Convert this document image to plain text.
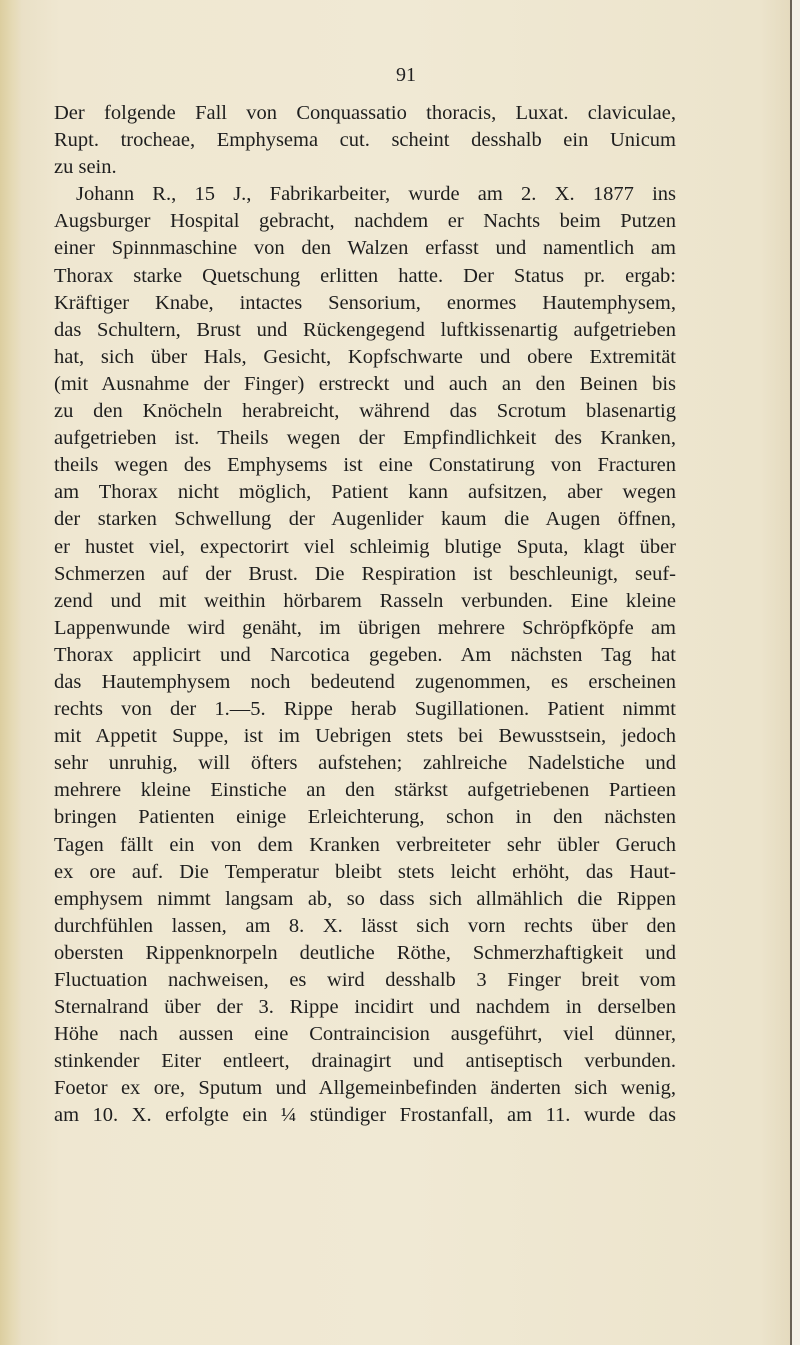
91
Der folgende Fall von Conquassatio thoracis, Luxat. claviculae,
Rupt. trocheae, Emphysema cut. scheint desshalb ein Unicum
zu sein.
Johann R., 15 J., Fabrikarbeiter, wurde am 2. X. 1877 ins
Augsburger Hospital gebracht, nachdem er Nachts beim Putzen
einer Spinnmaschine von den Walzen erfasst und namentlich am
Thorax starke Quetschung erlitten hatte. Der Status pr. ergab:
Kräftiger Knabe, intactes Sensorium, enormes Hautemphysem,
das Schultern, Brust und Rückengegend luftkissenartig aufgetrieben
hat, sich über Hals, Gesicht, Kopfschwarte und obere Extremität
(mit Ausnahme der Finger) erstreckt und auch an den Beinen bis
zu den Knöcheln herabreicht, während das Scrotum blasenartig
aufgetrieben ist. Theils wegen der Empfindlichkeit des Kranken,
theils wegen des Emphysems ist eine Constatirung von Fracturen
am Thorax nicht möglich, Patient kann aufsitzen, aber wegen
der starken Schwellung der Augenlider kaum die Augen öffnen,
er hustet viel, expectorirt viel schleimig blutige Sputa, klagt über
Schmerzen auf der Brust. Die Respiration ist beschleunigt, seuf-
zend und mit weithin hörbarem Rasseln verbunden. Eine kleine
Lappenwunde wird genäht, im übrigen mehrere Schröpfköpfe am
Thorax applicirt und Narcotica gegeben. Am nächsten Tag hat
das Hautemphysem noch bedeutend zugenommen, es erscheinen
rechts von der 1.—5. Rippe herab Sugillationen. Patient nimmt
mit Appetit Suppe, ist im Uebrigen stets bei Bewusstsein, jedoch
sehr unruhig, will öfters aufstehen; zahlreiche Nadelstiche und
mehrere kleine Einstiche an den stärkst aufgetriebenen Partieen
bringen Patienten einige Erleichterung, schon in den nächsten
Tagen fällt ein von dem Kranken verbreiteter sehr übler Geruch
ex ore auf. Die Temperatur bleibt stets leicht erhöht, das Haut-
emphysem nimmt langsam ab, so dass sich allmählich die Rippen
durchfühlen lassen, am 8. X. lässt sich vorn rechts über den
obersten Rippenknorpeln deutliche Röthe, Schmerzhaftigkeit und
Fluctuation nachweisen, es wird desshalb 3 Finger breit vom
Sternalrand über der 3. Rippe incidirt und nachdem in derselben
Höhe nach aussen eine Contraincision ausgeführt, viel dünner,
stinkender Eiter entleert, drainagirt und antiseptisch verbunden.
Foetor ex ore, Sputum und Allgemeinbefinden änderten sich wenig,
am 10. X. erfolgte ein ¼ stündiger Frostanfall, am 11. wurde das
